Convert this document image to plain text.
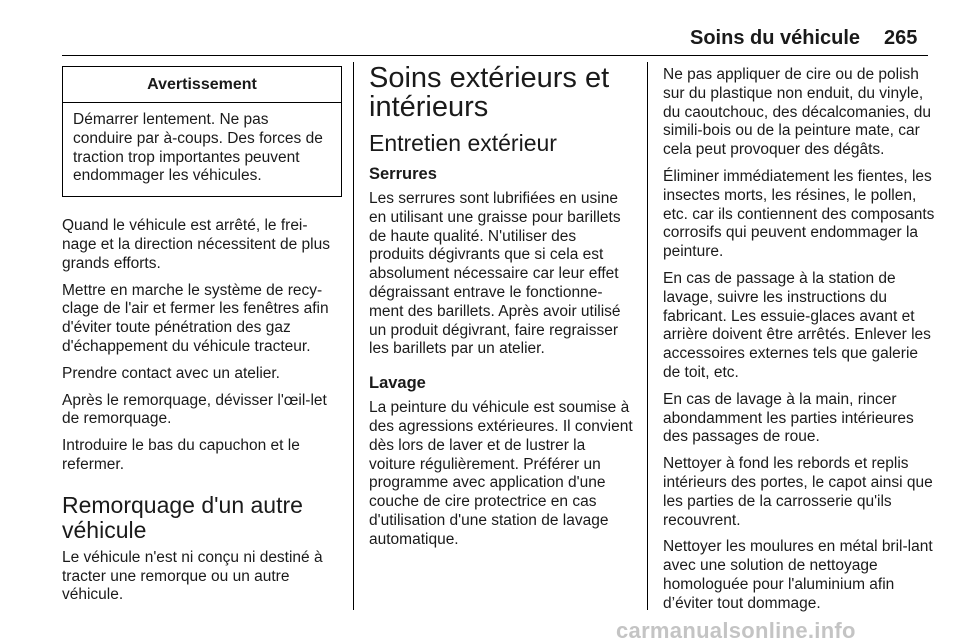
Soins du véhicule 265
Avertissement
Démarrer lentement. Ne pas conduire par à-coups. Des forces de traction trop importantes peuvent endommager les véhicules.

Quand le véhicule est arrêté, le frei-nage et la direction nécessitent de plus grands efforts.

Mettre en marche le système de recy-clage de l'air et fermer les fenêtres afin d'éviter toute pénétration des gaz d'échappement du véhicule tracteur.

Prendre contact avec un atelier.

Après le remorquage, dévisser l'œil-let de remorquage.

Introduire le bas du capuchon et le refermer.

Remorquage d'un autre véhicule

Le véhicule n'est ni conçu ni destiné à tracter une remorque ou un autre véhicule.

Soins extérieurs et intérieurs
Entretien extérieur
Serrures

Les serrures sont lubrifiées en usine en utilisant une graisse pour barillets de haute qualité. N'utiliser des produits dégivrants que si cela est absolument nécessaire car leur effet dégraissant entrave le fonctionne-ment des barillets. Après avoir utilisé un produit dégivrant, faire regraisser les barillets par un atelier.

Lavage

La peinture du véhicule est soumise à des agressions extérieures. Il convient dès lors de laver et de lustrer la voiture régulièrement. Préférer un programme avec application d'une couche de cire protectrice en cas d'utilisation d'une station de lavage automatique.

Ne pas appliquer de cire ou de polish sur du plastique non enduit, du vinyle, du caoutchouc, des décalcomanies, du simili-bois ou de la peinture mate, car cela peut provoquer des dégâts.

Éliminer immédiatement les fientes, les insectes morts, les résines, le pollen, etc. car ils contiennent des composants corrosifs qui peuvent endommager la peinture.

En cas de passage à la station de lavage, suivre les instructions du fabricant. Les essuie-glaces avant et arrière doivent être arrêtés. Enlever les accessoires externes tels que galerie de toit, etc.

En cas de lavage à la main, rincer abondamment les parties intérieures des passages de roue.

Nettoyer à fond les rebords et replis intérieurs des portes, le capot ainsi que les parties de la carrosserie qu'ils recouvrent.

Nettoyer les moulures en métal bril-lant avec une solution de nettoyage homologuée pour l'aluminium afin d’éviter tout dommage.

carmanualsonline.info
